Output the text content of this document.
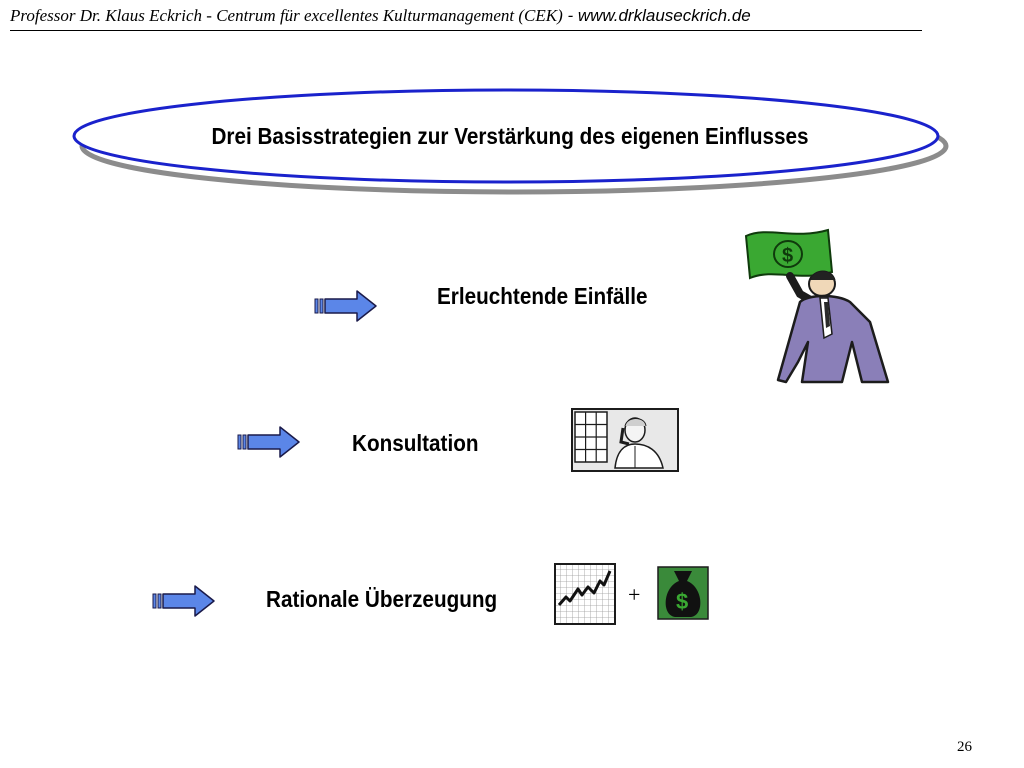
Professor Dr. Klaus Eckrich - Centrum für excellentes Kulturmanagement (CEK) - www.drklauseckrich.de
Drei Basisstrategien zur Verstärkung des eigenen Einflusses
Erleuchtende Einfälle
$
Konsultation
Rationale Überzeugung	+ $
26
